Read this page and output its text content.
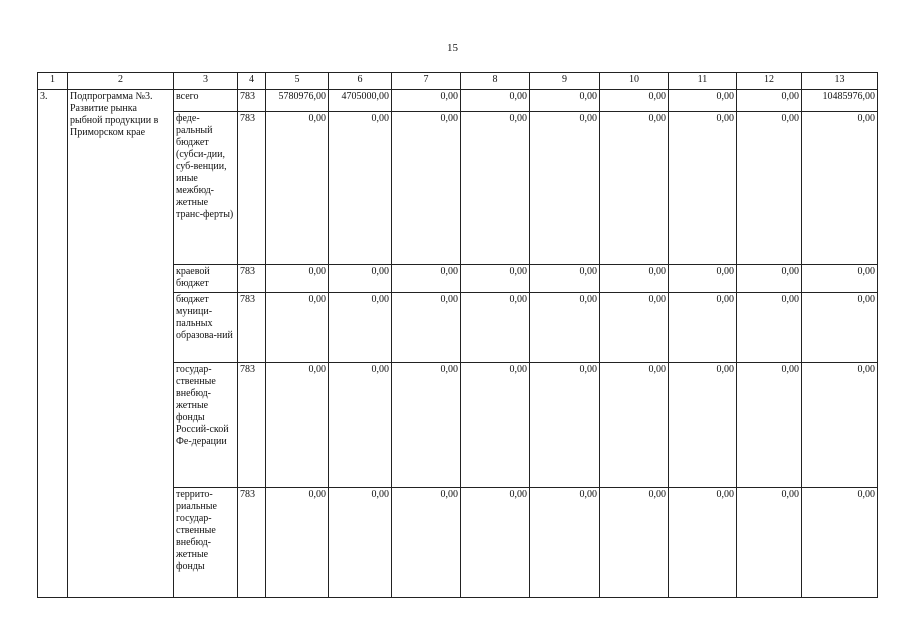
15
1	2	3	4	5	6	7	8	9	10	11	12	13
3.	Подпрограмма №3. Развитие рынка рыбной продукции в Приморском крае	всего	783	5780976,00	4705000,00	0,00	0,00	0,00	0,00	0,00	0,00	10485976,00
		феде-ральный бюджет (субси-дии, суб-венции, иные межбюд-жетные транс-ферты)	783	0,00	0,00	0,00	0,00	0,00	0,00	0,00	0,00	0,00
		краевой бюджет	783	0,00	0,00	0,00	0,00	0,00	0,00	0,00	0,00	0,00
		бюджет муници-пальных образова-ний	783	0,00	0,00	0,00	0,00	0,00	0,00	0,00	0,00	0,00
		государ-ственные внебюд-жетные фонды Россий-ской Фе-дерации	783	0,00	0,00	0,00	0,00	0,00	0,00	0,00	0,00	0,00
		террито-риальные государ-ственные внебюд-жетные фонды	783	0,00	0,00	0,00	0,00	0,00	0,00	0,00	0,00	0,00
